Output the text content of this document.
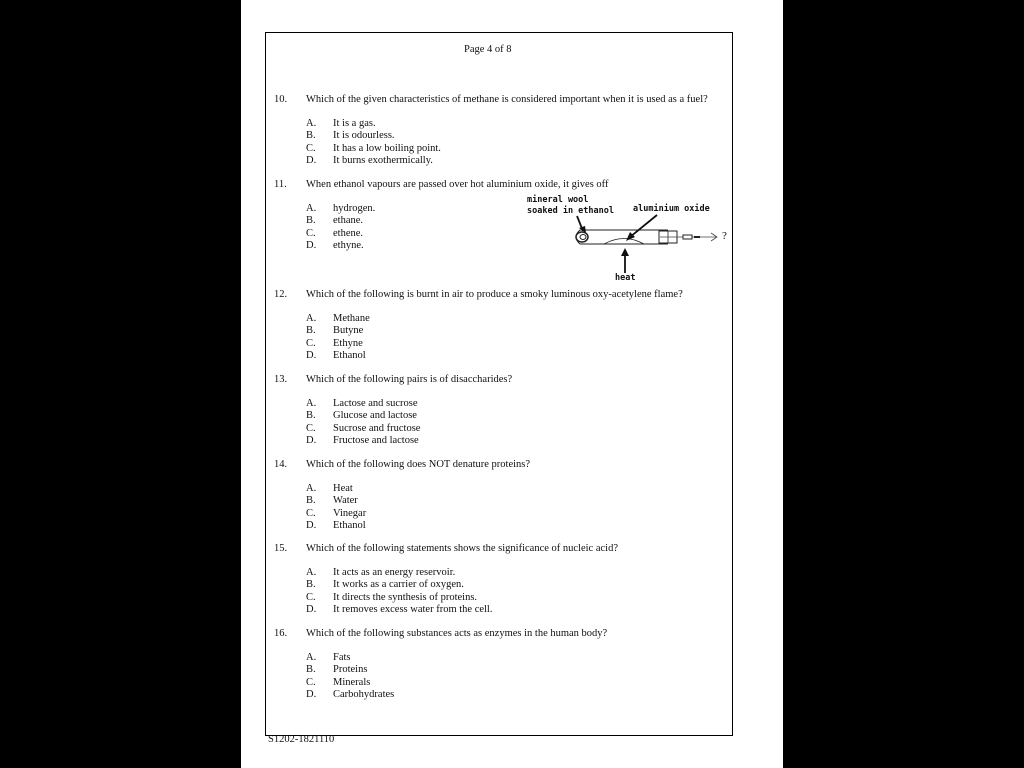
Page 4 of 8
10. Which of the given characteristics of methane is considered important when it is used as a fuel?
A. It is a gas.
B. It is odourless.
C. It has a low boiling point.
D. It burns exothermically.
11. When ethanol vapours are passed over hot aluminium oxide, it gives off
A. hydrogen.
B. ethane.
C. ethene.
D. ethyne.
mineral wool
soaked in ethanol aluminium oxide
heat
?
12. Which of the following is burnt in air to produce a smoky luminous oxy-acetylene flame?
A. Methane
B. Butyne
C. Ethyne
D. Ethanol
13. Which of the following pairs is of disaccharides?
A. Lactose and sucrose
B. Glucose and lactose
C. Sucrose and fructose
D. Fructose and lactose
14. Which of the following does NOT denature proteins?
A. Heat
B. Water
C. Vinegar
D. Ethanol
15. Which of the following statements shows the significance of nucleic acid?
A. It acts as an energy reservoir.
B. It works as a carrier of oxygen.
C. It directs the synthesis of proteins.
D. It removes excess water from the cell.
16. Which of the following substances acts as enzymes in the human body?
A. Fats
B. Proteins
C. Minerals
D. Carbohydrates
S1202-1821110
